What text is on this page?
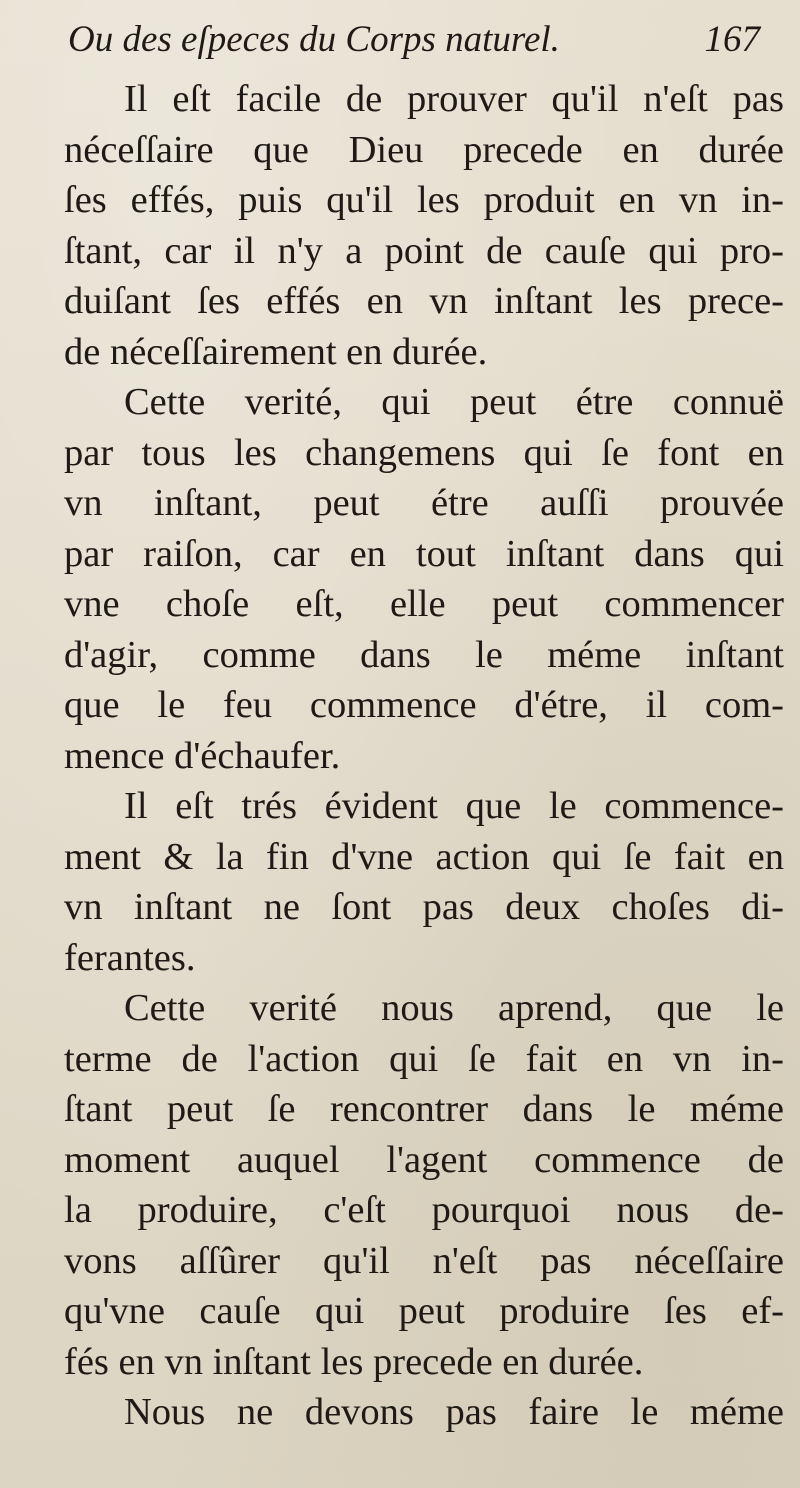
Ou des eſpeces du Corps naturel.	167
Il eſt facile de prouver qu'il n'eſt pas
néceſſaire que Dieu precede en durée
ſes effés, puis qu'il les produit en vn in-
ſtant, car il n'y a point de cauſe qui pro-
duiſant ſes effés en vn inſtant les prece-
de néceſſairement en durée.
Cette verité, qui peut étre connuë
par tous les changemens qui ſe font en
vn inſtant, peut étre auſſi prouvée
par raiſon, car en tout inſtant dans qui
vne choſe eſt, elle peut commencer
d'agir, comme dans le méme inſtant
que le feu commence d'étre, il com-
mence d'échaufer.
Il eſt trés évident que le commence-
ment & la fin d'vne action qui ſe fait en
vn inſtant ne ſont pas deux choſes di-
ferantes.
Cette verité nous aprend, que le
terme de l'action qui ſe fait en vn in-
ſtant peut ſe rencontrer dans le méme
moment auquel l'agent commence de
la produire, c'eſt pourquoi nous de-
vons aſſûrer qu'il n'eſt pas néceſſaire
qu'vne cauſe qui peut produire ſes ef-
fés en vn inſtant les precede en durée.
Nous ne devons pas faire le méme
